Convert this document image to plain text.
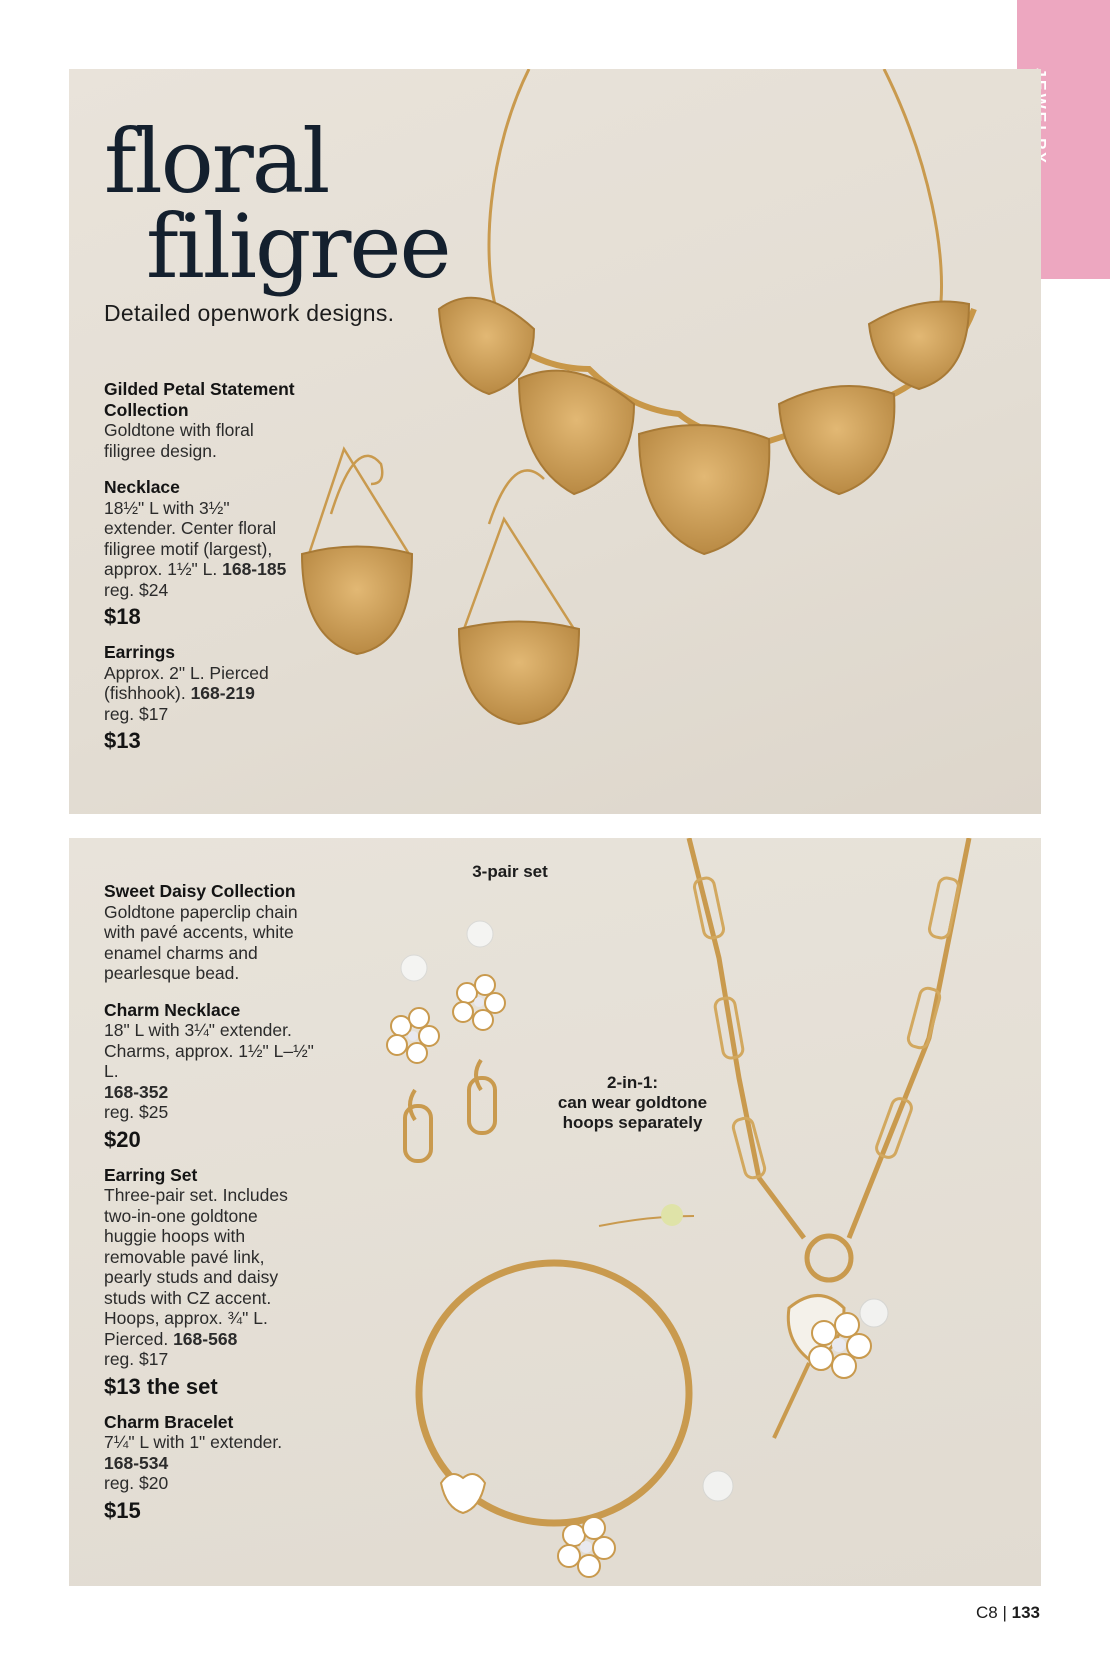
floral
filigree
Detailed openwork designs.

Gilded Petal Statement Collection

Goldtone with floral filigree design.

Necklace

18½" L with 3½" extender. Center floral filigree motif (largest), approx. 1½" L. 168-185

reg. $24

$18

Earrings

Approx. 2" L. Pierced (fishhook). 168-219

reg. $17

$13

3-pair set
2-in-1:
can wear goldtone
hoops separately

Sweet Daisy Collection

Goldtone paperclip chain with pavé accents, white enamel charms and pearlesque bead.

Charm Necklace

18" L with 3¼" extender. Charms, approx. 1½" L–½" L.

168-352

reg. $25

$20

Earring Set

Three-pair set. Includes two-in-one goldtone huggie hoops with removable pavé link, pearly studs and daisy studs with CZ accent. Hoops, approx. ¾" L. Pierced. 168-568

reg. $17

$13 the set

Charm Bracelet

7¼" L with 1" extender.

168-534

reg. $20

$15

C8 | 133
